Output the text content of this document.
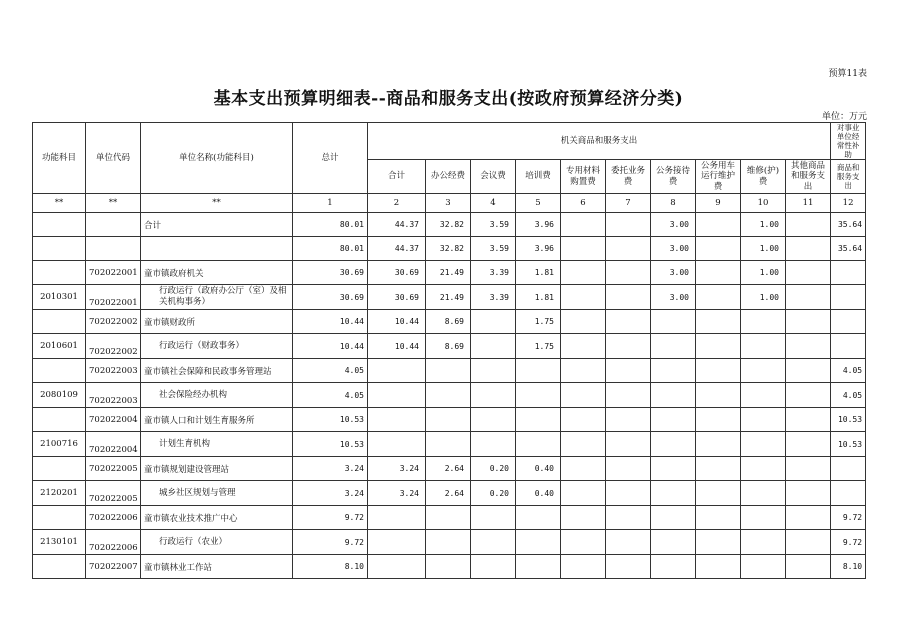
预算11表
基本支出预算明细表--商品和服务支出(按政府预算经济分类)
单位：万元
功能科目	单位代码	单位名称(功能科目)	总计	机关商品和服务支出										对事业单位经常性补助
				合计	办公经费	会议费	培训费	专用材料购置费	委托业务费	公务接待费	公务用车运行维护费	维修(护)费	其他商品和服务支出	商品和服务支出
**	**	**	1	2	3	4	5	6	7	8	9	10	11	12
		合计	80.01	44.37	32.82	3.59	3.96			3.00		1.00		35.64
			80.01	44.37	32.82	3.59	3.96			3.00		1.00		35.64
	702022001	童市镇政府机关	30.69	30.69	21.49	3.39	1.81			3.00		1.00		
2010301	702022001	行政运行（政府办公厅（室）及相关机构事务）	30.69	30.69	21.49	3.39	1.81			3.00		1.00		
	702022002	童市镇财政所	10.44	10.44	8.69		1.75							
2010601	702022002	行政运行（财政事务）	10.44	10.44	8.69		1.75							
	702022003	童市镇社会保障和民政事务管理站	4.05											4.05
2080109	702022003	社会保险经办机构	4.05											4.05
	702022004	童市镇人口和计划生育服务所	10.53											10.53
2100716	702022004	计划生育机构	10.53											10.53
	702022005	童市镇规划建设管理站	3.24	3.24	2.64	0.20	0.40							
2120201	702022005	城乡社区规划与管理	3.24	3.24	2.64	0.20	0.40							
	702022006	童市镇农业技术推广中心	9.72											9.72
2130101	702022006	行政运行（农业）	9.72											9.72
	702022007	童市镇林业工作站	8.10											8.10
